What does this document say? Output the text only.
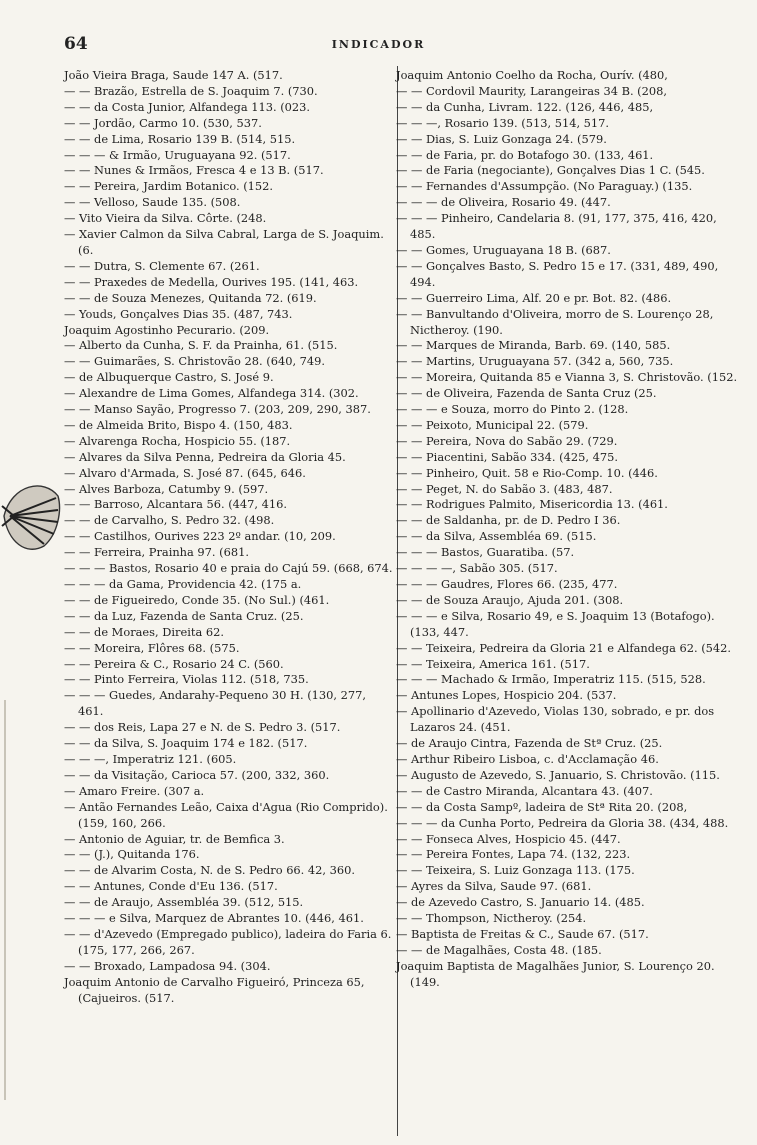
64	INDICADOR
João Vieira Braga, Saude 147 A. (517.
— — Brazão, Estrella de S. Joaquim 7. (730.
— — da Costa Junior, Alfandega 113. (023.
— — Jordão, Carmo 10. (530, 537.
— — de Lima, Rosario 139 B. (514, 515.
— — — & Irmão, Uruguayana 92. (517.
— — Nunes & Irmãos, Fresca 4 e 13 B. (517.
— — Pereira, Jardim Botanico. (152.
— — Velloso, Saude 135. (508.
— Vito Vieira da Silva. Côrte. (248.
— Xavier Calmon da Silva Cabral, Larga de S. Joaquim. (6.
— — Dutra, S. Clemente 67. (261.
— — Praxedes de Medella, Ourives 195. (141, 463.
— — de Souza Menezes, Quitanda 72. (619.
— Youds, Gonçalves Dias 35. (487, 743.
Joaquim Agostinho Pecurario. (209.
— Alberto da Cunha, S. F. da Prainha, 61. (515.
— — Guimarães, S. Christovão 28. (640, 749.
— de Albuquerque Castro, S. José 9.
— Alexandre de Lima Gomes, Alfandega 314. (302.
— — Manso Sayão, Progresso 7. (203, 209, 290, 387.
— de Almeida Brito, Bispo 4. (150, 483.
— Alvarenga Rocha, Hospicio 55. (187.
— Alvares da Silva Penna, Pedreira da Gloria 45.
— Alvaro d'Armada, S. José 87. (645, 646.
— Alves Barboza, Catumby 9. (597.
— — Barroso, Alcantara 56. (447, 416.
— — de Carvalho, S. Pedro 32. (498.
— — Castilhos, Ourives 223 2º andar. (10, 209.
— — Ferreira, Prainha 97. (681.
— — — Bastos, Rosario 40 e praia do Cajú 59. (668, 674.
— — — da Gama, Providencia 42. (175 a.
— — de Figueiredo, Conde 35. (No Sul.) (461.
— — da Luz, Fazenda de Santa Cruz. (25.
— — de Moraes, Direita 62.
— — Moreira, Flôres 68. (575.
— — Pereira & C., Rosario 24 C. (560.
— — Pinto Ferreira, Violas 112. (518, 735.
— — — Guedes, Andarahy-Pequeno 30 H. (130, 277, 461.
— — dos Reis, Lapa 27 e N. de S. Pedro 3. (517.
— — da Silva, S. Joaquim 174 e 182. (517.
— — —, Imperatriz 121. (605.
— — da Visitação, Carioca 57. (200, 332, 360.
— Amaro Freire. (307 a.
— Antão Fernandes Leão, Caixa d'Agua (Rio Comprido). (159, 160, 266.
— Antonio de Aguiar, tr. de Bemfica 3.
— — (J.), Quitanda 176.
— — de Alvarim Costa, N. de S. Pedro 66. 42, 360.
— — Antunes, Conde d'Eu 136. (517.
— — de Araujo, Assembléa 39. (512, 515.
— — — e Silva, Marquez de Abrantes 10. (446, 461.
— — d'Azevedo (Empregado publico), ladeira do Faria 6. (175, 177, 266, 267.
— — Broxado, Lampadosa 94. (304.
Joaquim Antonio de Carvalho Figueiró, Princeza 65, (Cajueiros. (517.
Joaquim Antonio Coelho da Rocha, Ourív. (480,
— — Cordovil Maurity, Larangeiras 34 B. (208,
— — da Cunha, Livram. 122. (126, 446, 485,
— — —, Rosario 139. (513, 514, 517.
— — Dias, S. Luiz Gonzaga 24. (579.
— — de Faria, pr. do Botafogo 30. (133, 461.
— — de Faria (negociante), Gonçalves Dias 1 C. (545.
— — Fernandes d'Assumpção. (No Paraguay.) (135.
— — — de Oliveira, Rosario 49. (447.
— — — Pinheiro, Candelaria 8. (91, 177, 375, 416, 420, 485.
— — Gomes, Uruguayana 18 B. (687.
— — Gonçalves Basto, S. Pedro 15 e 17. (331, 489, 490, 494.
— — Guerreiro Lima, Alf. 20 e pr. Bot. 82. (486.
— — Banvultando d'Oliveira, morro de S. Lourenço 28, Nictheroy. (190.
— — Marques de Miranda, Barb. 69. (140, 585.
— — Martins, Uruguayana 57. (342 a, 560, 735.
— — Moreira, Quitanda 85 e Vianna 3, S. Christovão. (152.
— — de Oliveira, Fazenda de Santa Cruz (25.
— — — e Souza, morro do Pinto 2. (128.
— — Peixoto, Municipal 22. (579.
— — Pereira, Nova do Sabão 29. (729.
— — Piacentini, Sabão 334. (425, 475.
— — Pinheiro, Quit. 58 e Rio-Comp. 10. (446.
— — Peget, N. do Sabão 3. (483, 487.
— — Rodrigues Palmito, Misericordia 13. (461.
— — de Saldanha, pr. de D. Pedro I 36.
— — da Silva, Assembléa 69. (515.
— — — Bastos, Guaratiba. (57.
— — — —, Sabão 305. (517.
— — — Gaudres, Flores 66. (235, 477.
— — de Souza Araujo, Ajuda 201. (308.
— — — e Silva, Rosario 49, e S. Joaquim 13 (Botafogo). (133, 447.
— — Teixeira, Pedreira da Gloria 21 e Alfandega 62. (542.
— — Teixeira, America 161. (517.
— — — Machado & Irmão, Imperatriz 115. (515, 528.
— Antunes Lopes, Hospicio 204. (537.
— Apollinario d'Azevedo, Violas 130, sobrado, e pr. dos Lazaros 24. (451.
— de Araujo Cintra, Fazenda de Stª Cruz. (25.
— Arthur Ribeiro Lisboa, c. d'Acclamação 46.
— Augusto de Azevedo, S. Januario, S. Christovão. (115.
— — de Castro Miranda, Alcantara 43. (407.
— — da Costa Sampº, ladeira de Stª Rita 20. (208,
— — — da Cunha Porto, Pedreira da Gloria 38. (434, 488.
— — Fonseca Alves, Hospicio 45. (447.
— — Pereira Fontes, Lapa 74. (132, 223.
— — Teixeira, S. Luiz Gonzaga 113. (175.
— Ayres da Silva, Saude 97. (681.
— de Azevedo Castro, S. Januario 14. (485.
— — Thompson, Nictheroy. (254.
— Baptista de Freitas & C., Saude 67. (517.
— — de Magalhães, Costa 48. (185.
Joaquim Baptista de Magalhães Junior, S. Lourenço 20. (149.
